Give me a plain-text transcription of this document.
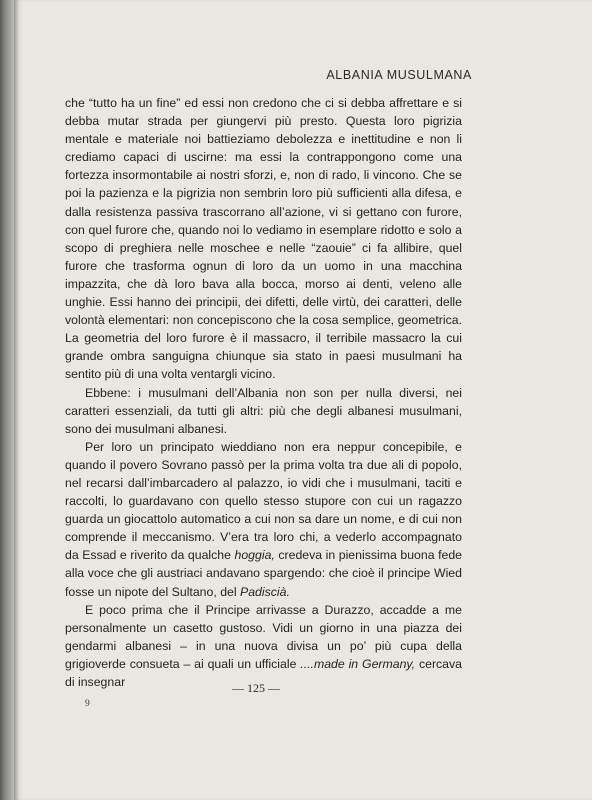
ALBANIA MUSULMANA

che “tutto ha un fine” ed essi non credono che ci si debba affrettare e si debba mutar strada per giungervi più presto. Questa loro pigrizia mentale e materiale noi battieziamo debolezza e inettitudine e non li crediamo capaci di uscirne: ma essi la contrappongono come una fortezza insormontabile ai nostri sforzi, e, non di rado, li vincono. Che se poi la pazienza e la pigrizia non sembrin loro più sufficienti alla difesa, e dalla resistenza passiva trascorrano all’azione, vi si gettano con furore, con quel furore che, quando noi lo vediamo in esemplare ridotto e solo a scopo di preghiera nelle moschee e nelle “zaouie” ci fa allibire, quel furore che trasforma ognun di loro da un uomo in una macchina impazzita, che dà loro bava alla bocca, morso ai denti, veleno alle unghie. Essi hanno dei principii, dei difetti, delle virtù, dei caratteri, delle volontà elementari: non concepiscono che la cosa semplice, geometrica. La geometria del loro furore è il massacro, il terribile massacro la cui grande ombra sanguigna chiunque sia stato in paesi musulmani ha sentito più di una volta ventargli vicino.

Ebbene: i musulmani dell’Albania non son per nulla diversi, nei caratteri essenziali, da tutti gli altri: più che degli albanesi musulmani, sono dei musulmani albanesi.

Per loro un principato wieddiano non era neppur concepibile, e quando il povero Sovrano passò per la prima volta tra due ali di popolo, nel recarsi dall’imbarcadero al palazzo, io vidi che i musulmani, taciti e raccolti, lo guardavano con quello stesso stupore con cui un ragazzo guarda un giocattolo automatico a cui non sa dare un nome, e di cui non comprende il meccanismo. V’era tra loro chi, a vederlo accompagnato da Essad e riverito da qualche hoggia, credeva in pienissima buona fede alla voce che gli austriaci andavano spargendo: che cioè il principe Wied fosse un nipote del Sultano, del Padiscià.

E poco prima che il Principe arrivasse a Durazzo, accadde a me personalmente un casetto gustoso. Vidi un giorno in una piazza dei gendarmi albanesi – in una nuova divisa un po’ più cupa della grigioverde consueta – ai quali un ufficiale ....made in Germany, cercava di insegnar	— 125 —
9
